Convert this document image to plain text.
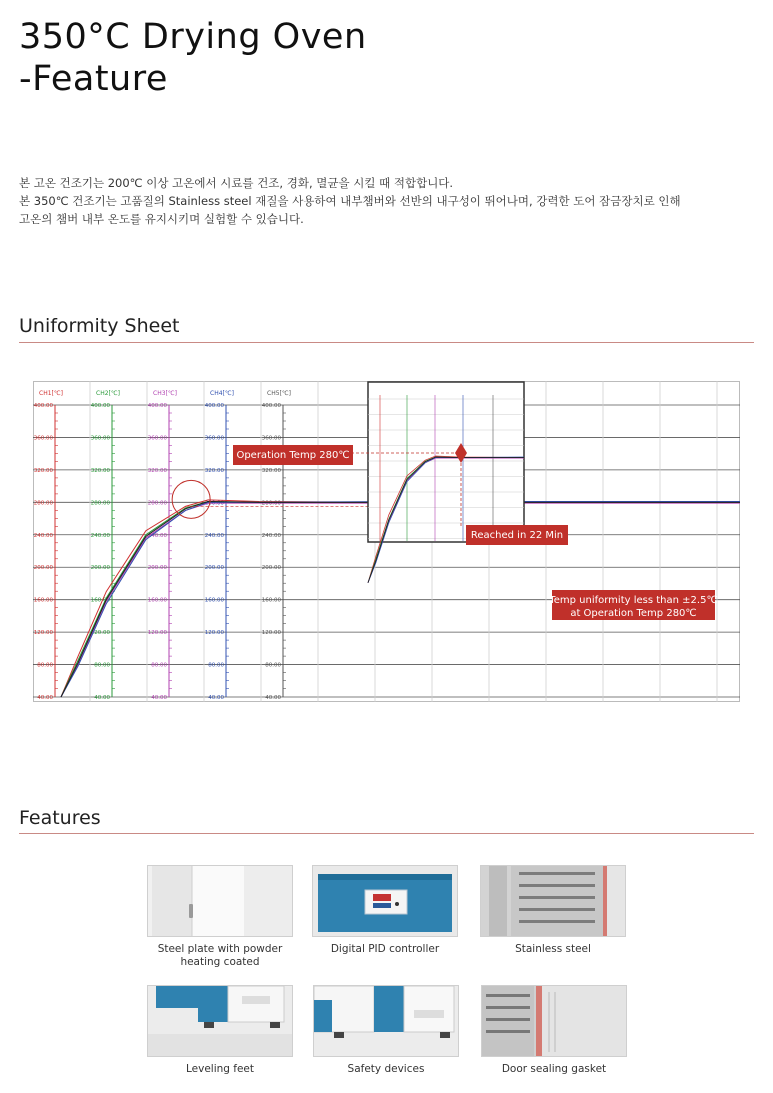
350°C Drying Oven
-Feature
본 고온 건조기는 200℃ 이상 고온에서 시료를 건조, 경화, 멸균을 시킬 때 적합합니다.
본 350℃ 건조기는 고품질의 Stainless steel 재질을 사용하여 내부챔버와 선반의 내구성이 뛰어나며, 강력한 도어 잠금장치로 인해
고온의 챔버 내부 온도를 유지시키며 실험할 수 있습니다.
Uniformity Sheet
CH1[℃]
400.00
360.00
320.00
280.00
240.00
200.00
160.00
120.00
80.00
40.00
CH2[℃]
400.00
360.00
320.00
280.00
240.00
200.00
160.00
120.00
80.00
40.00
CH3[℃]
400.00
360.00
320.00
280.00
240.00
200.00
160.00
120.00
80.00
40.00
CH4[℃]
400.00
360.00
320.00
280.00
240.00
200.00
160.00
120.00
80.00
40.00
CH5[℃]
400.00
360.00
320.00
280.00
240.00
200.00
160.00
120.00
80.00
40.00
Operation Temp 280℃
Reached in 22 Min
Temp uniformity less than ±2.5℃
at Operation Temp 280℃
Features
Steel plate with powder
heating coated
Digital PID controller	Stainless steel
Leveling feet	Safety devices	Door sealing gasket
